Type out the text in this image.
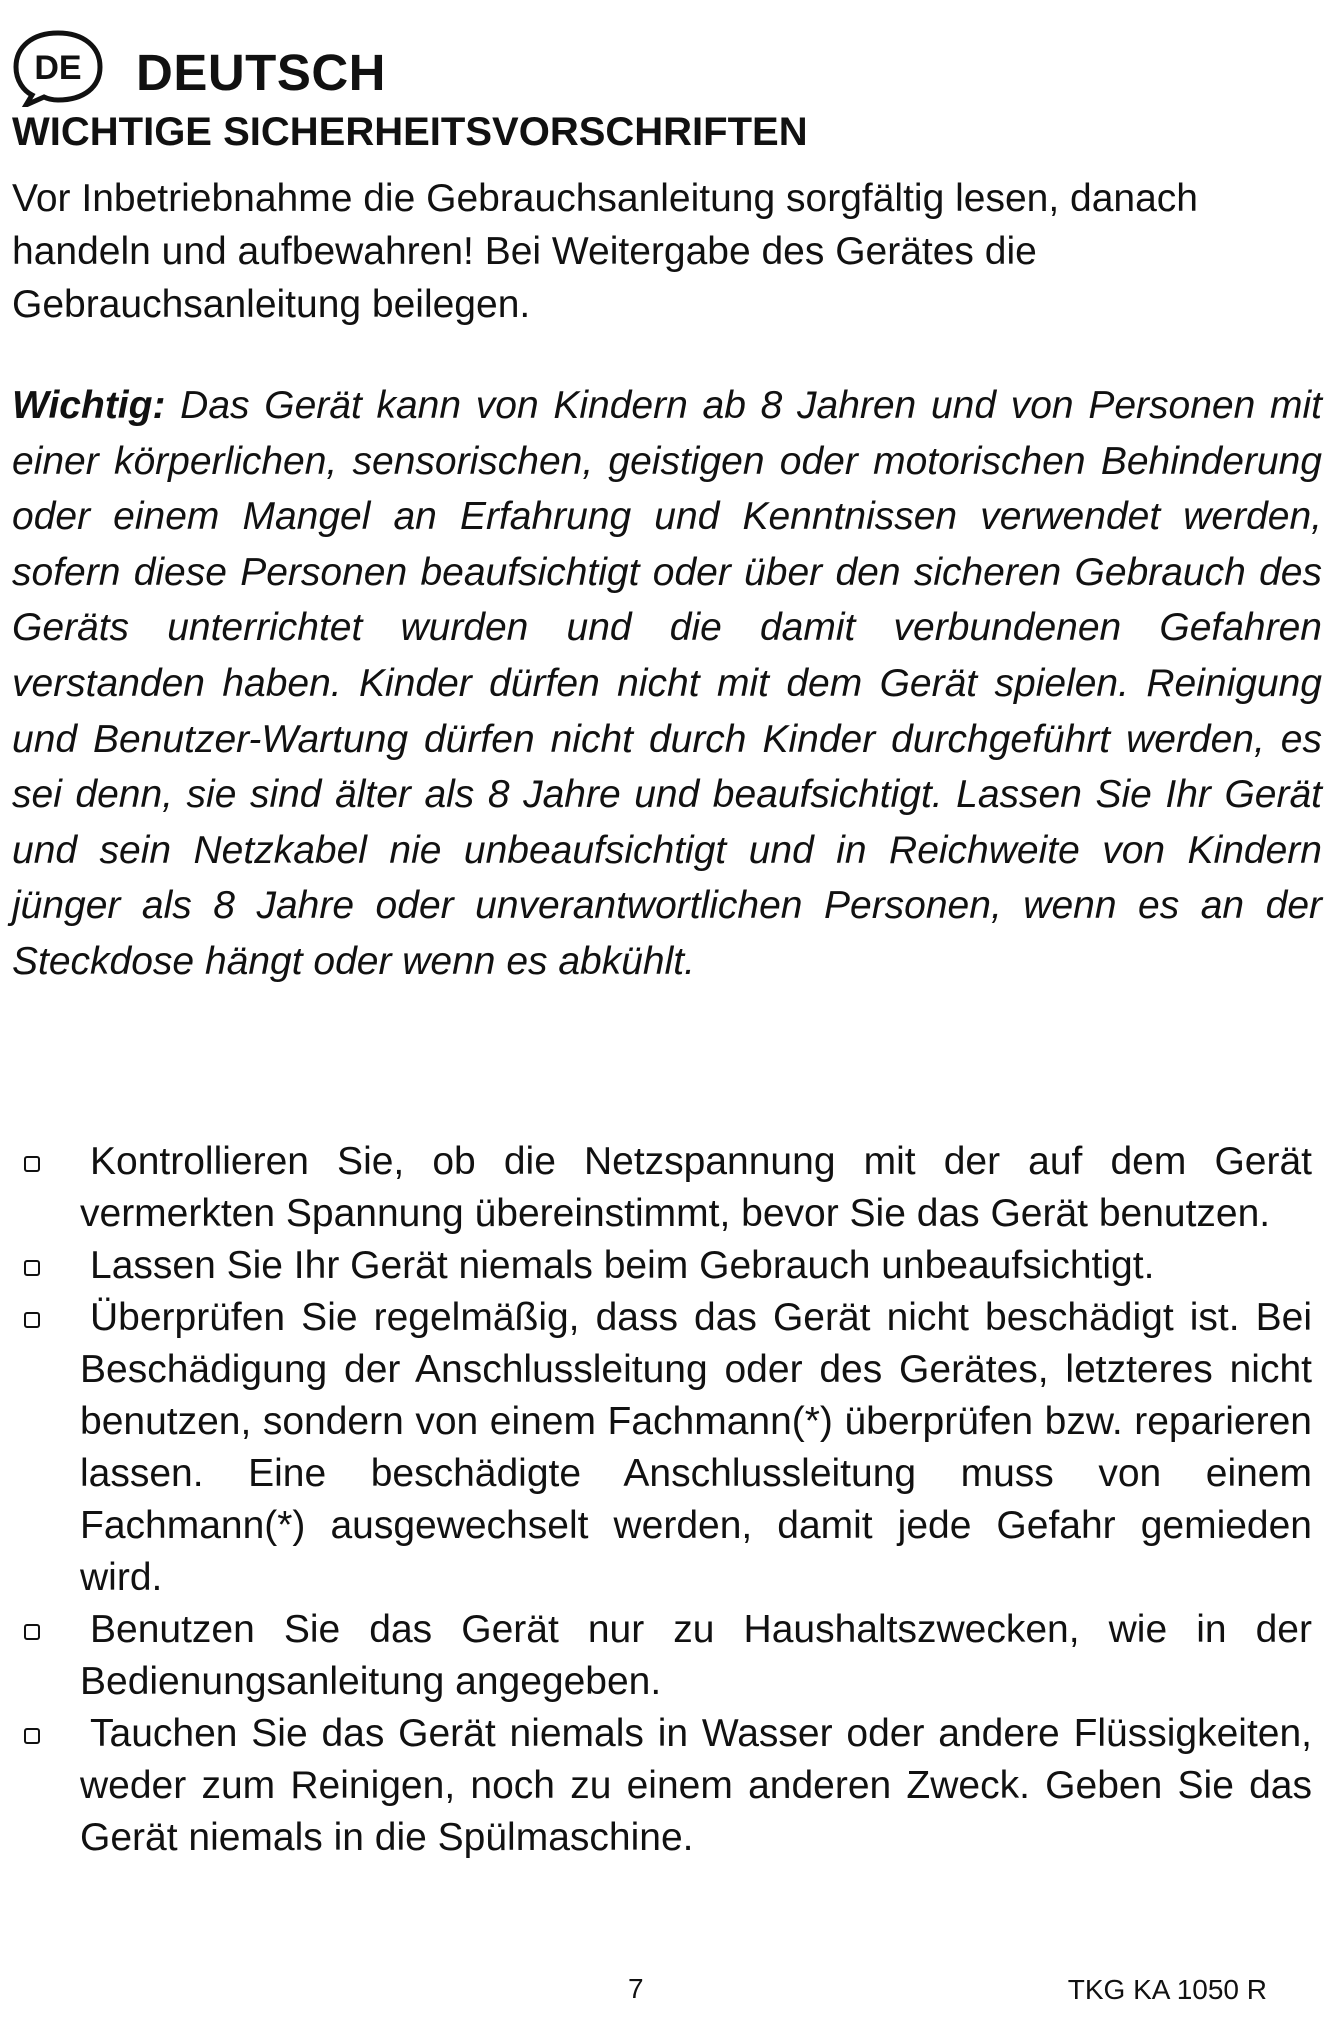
DE DEUTSCH
WICHTIGE SICHERHEITSVORSCHRIFTEN

Vor Inbetriebnahme die Gebrauchsanleitung sorgfältig lesen, danach handeln und aufbewahren! Bei Weitergabe des Gerätes die Gebrauchsanleitung beilegen.

Wichtig: Das Gerät kann von Kindern ab 8 Jahren und von Personen mit einer körperlichen, sensorischen, geistigen oder motorischen Behinderung oder einem Mangel an Erfahrung und Kenntnissen verwendet werden, sofern diese Personen beaufsichtigt oder über den sicheren Gebrauch des Geräts unterrichtet wurden und die damit verbundenen Gefahren verstanden haben. Kinder dürfen nicht mit dem Gerät spielen. Reinigung und Benutzer-Wartung dürfen nicht durch Kinder durchgeführt werden, es sei denn, sie sind älter als 8 Jahre und beaufsichtigt. Lassen Sie Ihr Gerät und sein Netzkabel nie unbeaufsichtigt und in Reichweite von Kindern jünger als 8 Jahre oder unverantwortlichen Personen, wenn es an der Steckdose hängt oder wenn es abkühlt.

Kontrollieren Sie, ob die Netzspannung mit der auf dem Gerät vermerkten Spannung übereinstimmt, bevor Sie das Gerät benutzen.
Lassen Sie Ihr Gerät niemals beim Gebrauch unbeaufsichtigt.
Überprüfen Sie regelmäßig, dass das Gerät nicht beschädigt ist. Bei Beschädigung der Anschlussleitung oder des Gerätes, letzteres nicht benutzen, sondern von einem Fachmann(*) überprüfen bzw. reparieren lassen. Eine beschädigte Anschlussleitung muss von einem Fachmann(*) ausgewechselt werden, damit jede Gefahr gemieden wird.
Benutzen Sie das Gerät nur zu Haushaltszwecken, wie in der Bedienungsanleitung angegeben.
Tauchen Sie das Gerät niemals in Wasser oder andere Flüssigkeiten, weder zum Reinigen, noch zu einem anderen Zweck. Geben Sie das Gerät niemals in die Spülmaschine.
7	TKG KA 1050 R
